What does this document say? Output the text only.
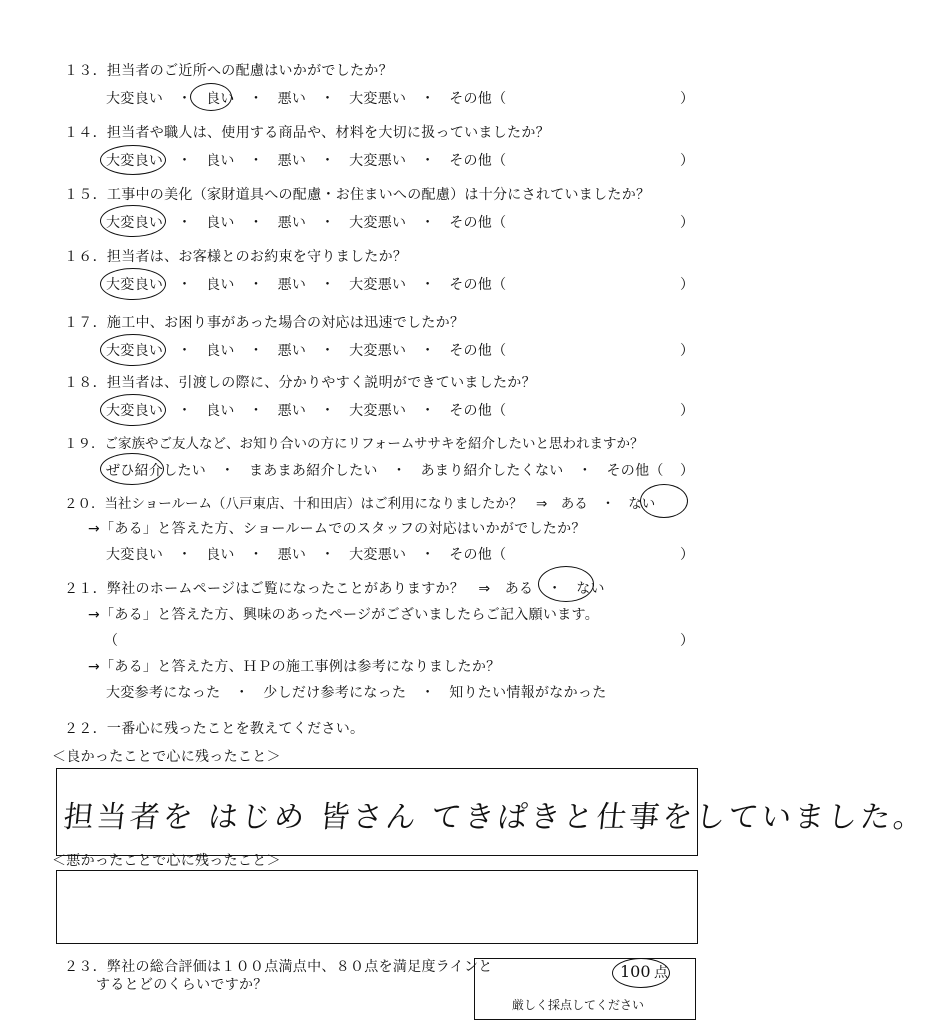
１３．担当者のご近所への配慮はいかがでしたか？
大変良い　・　良い　・　悪い　・　大変悪い　・　その他（	）
１４．担当者や職人は、使用する商品や、材料を大切に扱っていましたか？
大変良い　・　良い　・　悪い　・　大変悪い　・　その他（	）
１５．工事中の美化（家財道具への配慮・お住まいへの配慮）は十分にされていましたか？
大変良い　・　良い　・　悪い　・　大変悪い　・　その他（	）
１６．担当者は、お客様とのお約束を守りましたか？
大変良い　・　良い　・　悪い　・　大変悪い　・　その他（	）
１７．施工中、お困り事があった場合の対応は迅速でしたか？
大変良い　・　良い　・　悪い　・　大変悪い　・　その他（	）
１８．担当者は、引渡しの際に、分かりやすく説明ができていましたか？
大変良い　・　良い　・　悪い　・　大変悪い　・　その他（	）
１９．ご家族やご友人など、お知り合いの方にリフォームササキを紹介したいと思われますか？
ぜひ紹介したい　・　まあまあ紹介したい　・　あまり紹介したくない　・　その他（ ）
２０．当社ショールーム（八戸東店、十和田店）はご利用になりましたか？　⇒　ある　・　ない
→「ある」と答えた方、ショールームでのスタッフの対応はいかがでしたか？
大変良い　・　良い　・　悪い　・　大変悪い　・　その他（	）
２１．弊社のホームページはご覧になったことがありますか？　⇒　ある　・　ない
→「ある」と答えた方、興味のあったページがございましたらご記入願います。
（	）
→「ある」と答えた方、ＨＰの施工事例は参考になりましたか？
大変参考になった　・　少しだけ参考になった　・　知りたい情報がなかった
２２．一番心に残ったことを教えてください。
＜良かったことで心に残ったこと＞
担当者を はじめ 皆さん てきぱきと仕事をしていました。
＜悪かったことで心に残ったこと＞
２３．弊社の総合評価は１００点満点中、８０点を満足度ラインと
するとどのくらいですか？
100 点
厳しく採点してください
